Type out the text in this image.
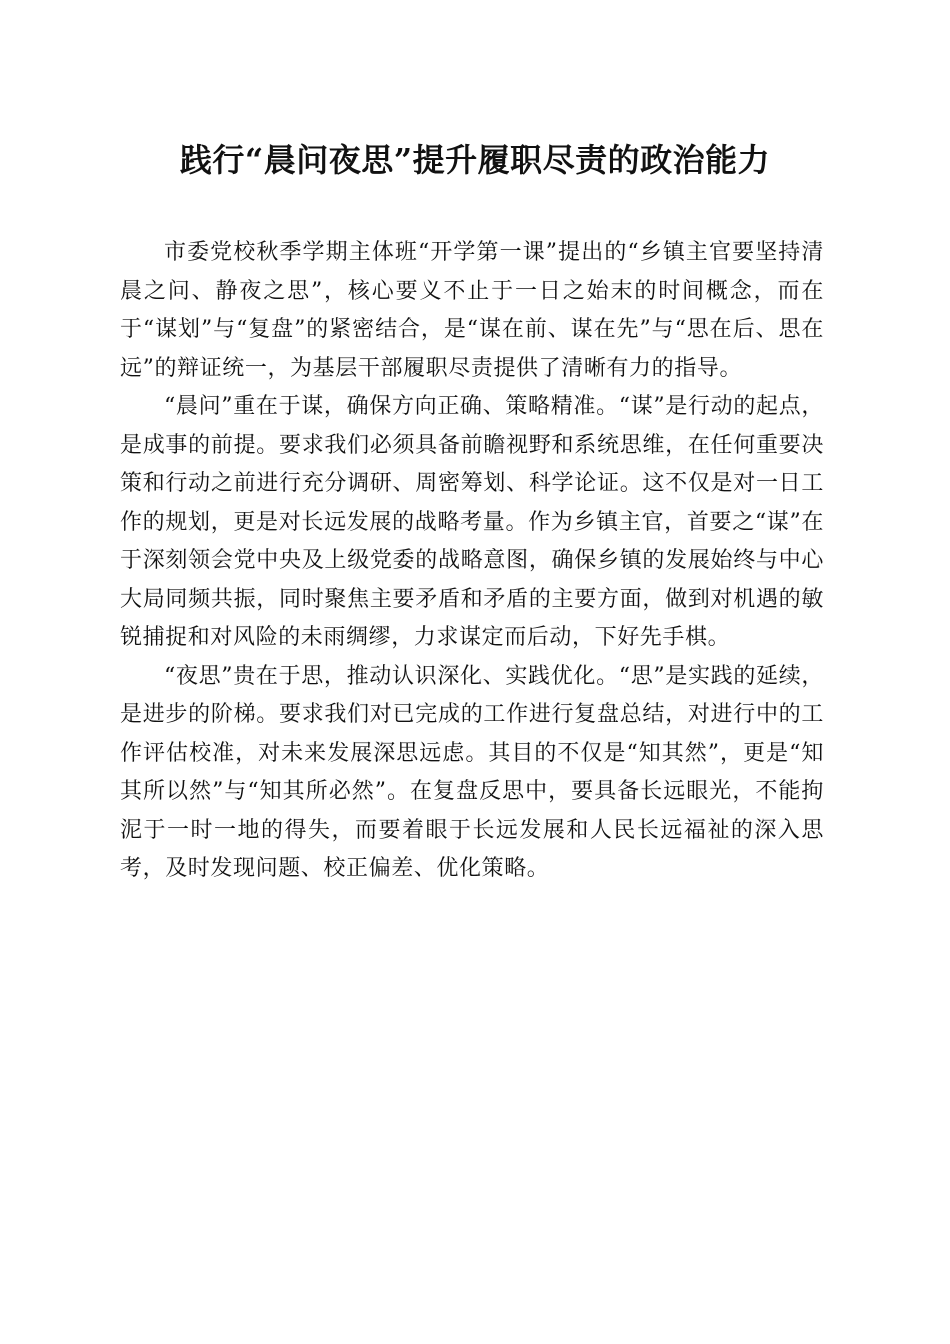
践行“晨问夜思”提升履职尽责的政治能力

市委党校秋季学期主体班“开学第一课”提出的“乡镇主官要坚持清晨之问、静夜之思”，核心要义不止于一日之始末的时间概念，而在于“谋划”与“复盘”的紧密结合，是“谋在前、谋在先”与“思在后、思在远”的辩证统一，为基层干部履职尽责提供了清晰有力的指导。

“晨问”重在于谋，确保方向正确、策略精准。“谋”是行动的起点，是成事的前提。要求我们必须具备前瞻视野和系统思维，在任何重要决策和行动之前进行充分调研、周密筹划、科学论证。这不仅是对一日工作的规划，更是对长远发展的战略考量。作为乡镇主官，首要之“谋”在于深刻领会党中央及上级党委的战略意图，确保乡镇的发展始终与中心大局同频共振，同时聚焦主要矛盾和矛盾的主要方面，做到对机遇的敏锐捕捉和对风险的未雨绸缪，力求谋定而后动，下好先手棋。

“夜思”贵在于思，推动认识深化、实践优化。“思”是实践的延续，是进步的阶梯。要求我们对已完成的工作进行复盘总结，对进行中的工作评估校准，对未来发展深思远虑。其目的不仅是“知其然”，更是“知其所以然”与“知其所必然”。在复盘反思中，要具备长远眼光，不能拘泥于一时一地的得失，而要着眼于长远发展和人民长远福祉的深入思考，及时发现问题、校正偏差、优化策略。
